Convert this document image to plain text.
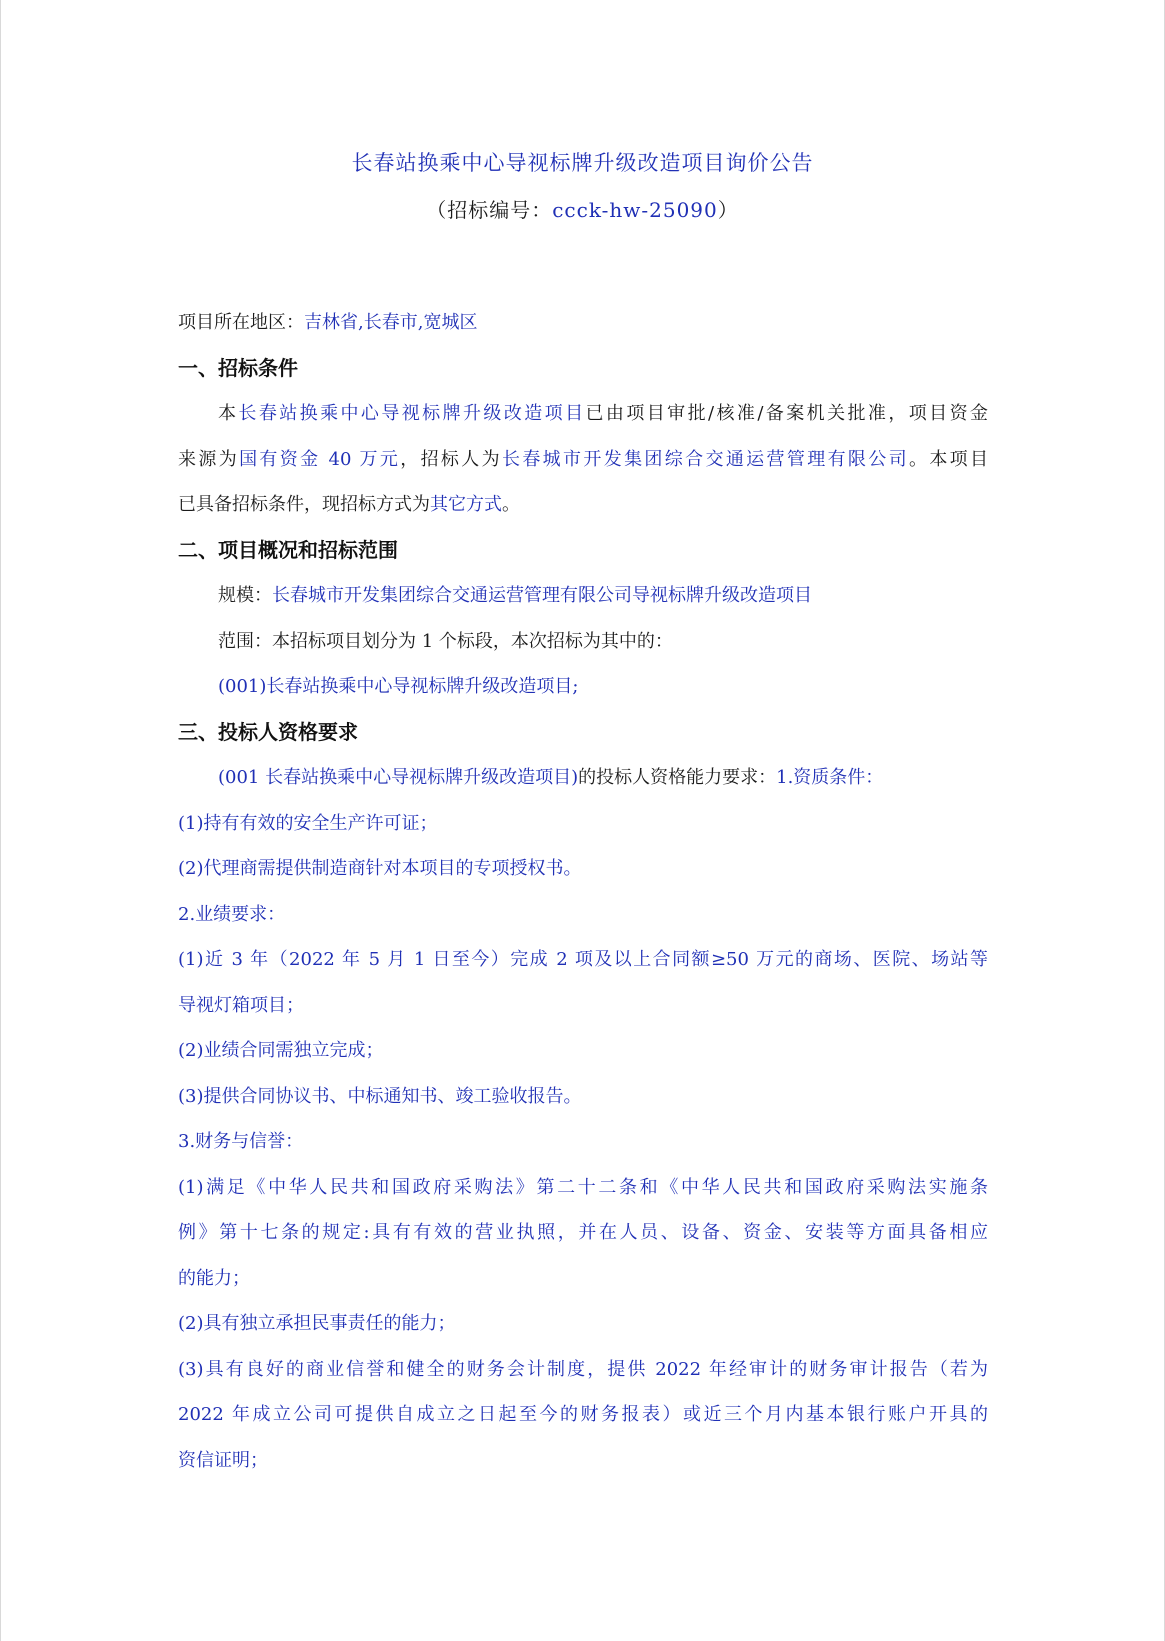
长春站换乘中心导视标牌升级改造项目询价公告
（招标编号：ccck-hw-25090）
项目所在地区：吉林省,长春市,宽城区
一、招标条件
本长春站换乘中心导视标牌升级改造项目已由项目审批/核准/备案机关批准，项目资金
来源为国有资金 40 万元，招标人为长春城市开发集团综合交通运营管理有限公司。本项目
已具备招标条件，现招标方式为其它方式。
二、项目概况和招标范围
规模：长春城市开发集团综合交通运营管理有限公司导视标牌升级改造项目
范围：本招标项目划分为 1 个标段，本次招标为其中的：
(001)长春站换乘中心导视标牌升级改造项目;
三、投标人资格要求
(001 长春站换乘中心导视标牌升级改造项目)的投标人资格能力要求：1.资质条件：
(1)持有有效的安全生产许可证；
(2)代理商需提供制造商针对本项目的专项授权书。
2.业绩要求：
(1)近 3 年（2022 年 5 月 1 日至今）完成 2 项及以上合同额≥50 万元的商场、医院、场站等
导视灯箱项目；
(2)业绩合同需独立完成；
(3)提供合同协议书、中标通知书、竣工验收报告。
3.财务与信誉：
(1)满足《中华人民共和国政府采购法》第二十二条和《中华人民共和国政府采购法实施条
例》第十七条的规定:具有有效的营业执照，并在人员、设备、资金、安装等方面具备相应
的能力；
(2)具有独立承担民事责任的能力；
(3)具有良好的商业信誉和健全的财务会计制度，提供 2022 年经审计的财务审计报告（若为
2022 年成立公司可提供自成立之日起至今的财务报表）或近三个月内基本银行账户开具的
资信证明；
